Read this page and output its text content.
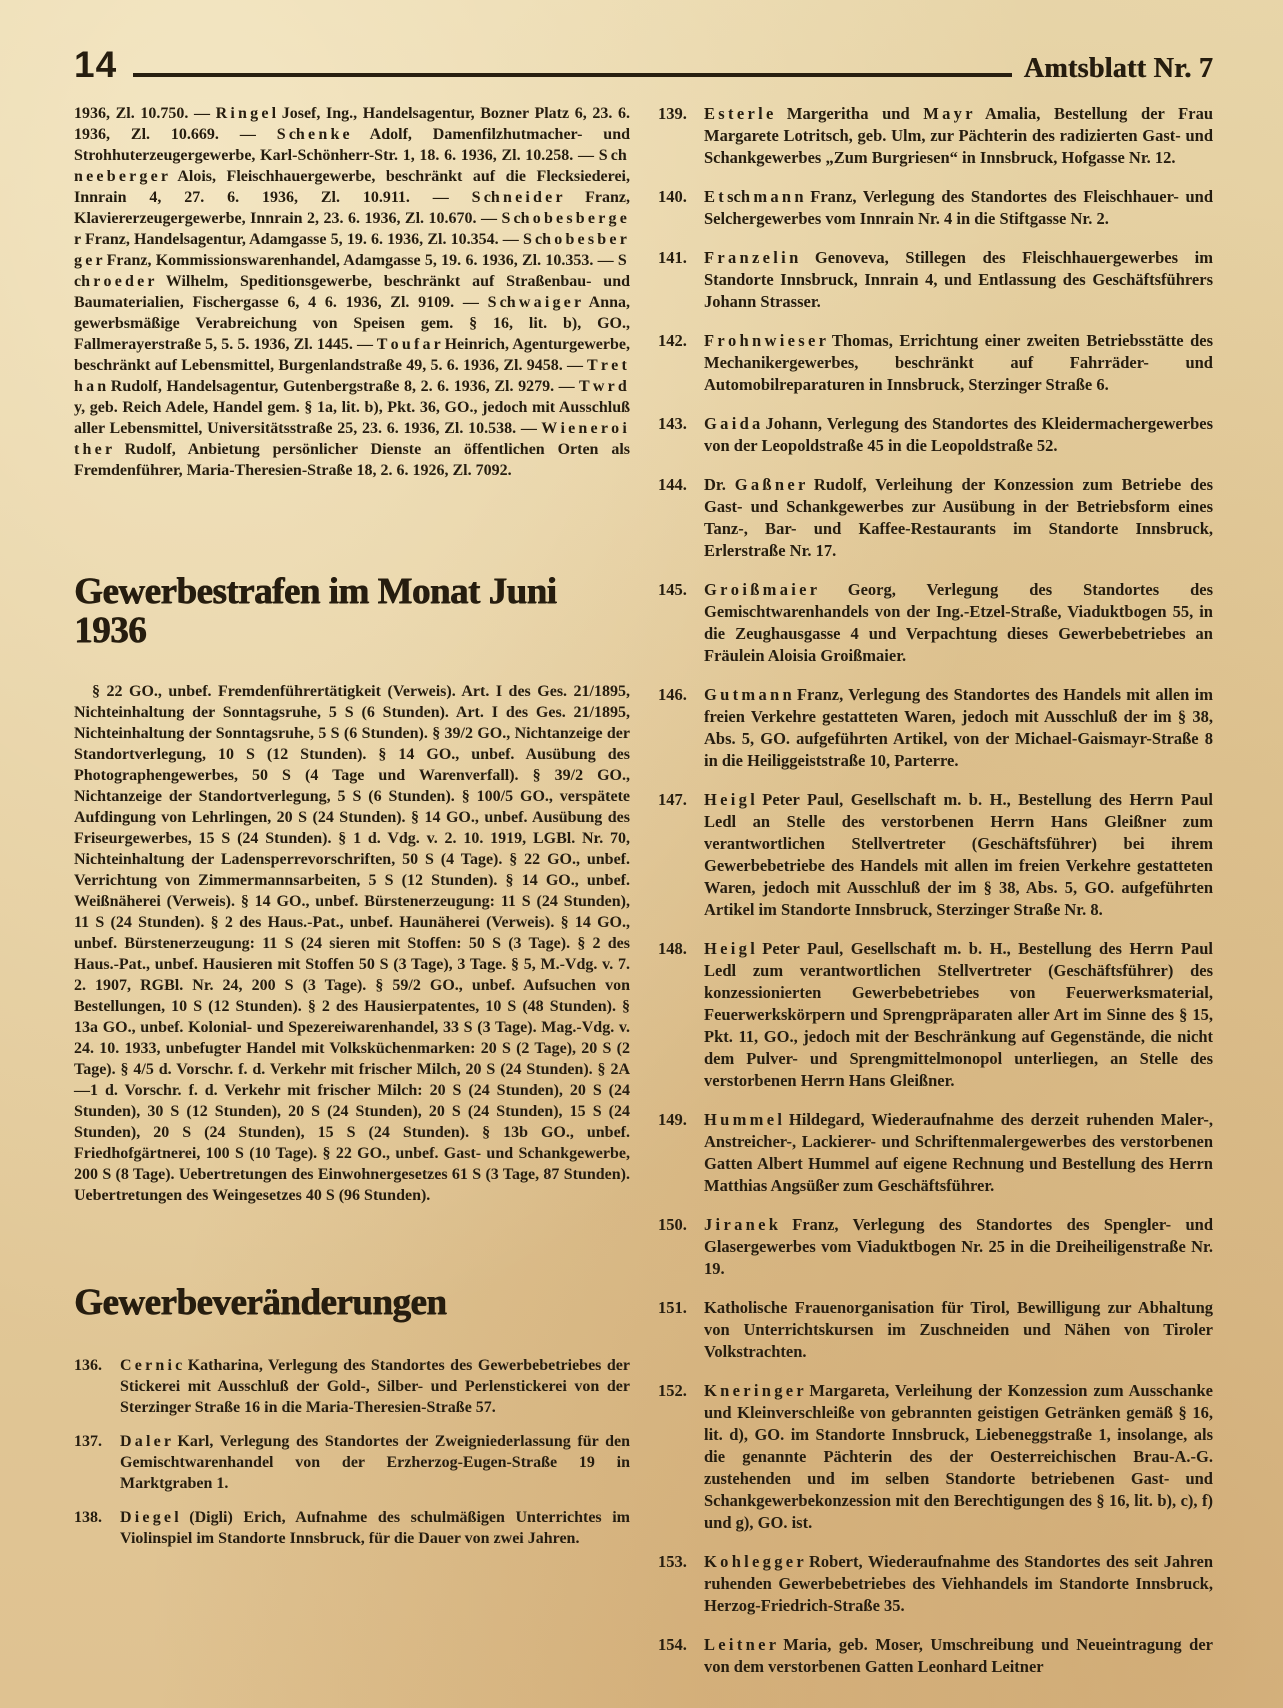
14	Amtsblatt Nr. 7

1936, Zl. 10.750. — R i n g e l Josef, Ing., Handelsagentur, Bozner Platz 6, 23. 6. 1936, Zl. 10.669. — S ch e n k e Adolf, Damenfilzhutmacher- und Strohhuterzeugergewerbe, Karl-Schönherr-Str. 1, 18. 6. 1936, Zl. 10.258. — S ch n e e b e r g e r Alois, Fleischhauergewerbe, beschränkt auf die Flecksiederei, Innrain 4, 27. 6. 1936, Zl. 10.911. — S ch n e i d e r Franz, Klaviererzeugergewerbe, Innrain 2, 23. 6. 1936, Zl. 10.670. — S ch o b e s b e r g e r Franz, Handelsagentur, Adamgasse 5, 19. 6. 1936, Zl. 10.354. — S ch o b e s b e r g e r Franz, Kommissionswarenhandel, Adamgasse 5, 19. 6. 1936, Zl. 10.353. — S ch r o e d e r Wilhelm, Speditionsgewerbe, beschränkt auf Straßenbau- und Baumaterialien, Fischergasse 6, 4 6. 1936, Zl. 9109. — S ch w a i g e r Anna, gewerbsmäßige Verabreichung von Speisen gem. § 16, lit. b), GO., Fallmerayerstraße 5, 5. 5. 1936, Zl. 1445. — T o u f a r Heinrich, Agenturgewerbe, beschränkt auf Lebensmittel, Burgenlandstraße 49, 5. 6. 1936, Zl. 9458. — T r e t h a n Rudolf, Handelsagentur, Gutenbergstraße 8, 2. 6. 1936, Zl. 9279. — T w r d y, geb. Reich Adele, Handel gem. § 1a, lit. b), Pkt. 36, GO., jedoch mit Ausschluß aller Lebensmittel, Universitätsstraße 25, 23. 6. 1936, Zl. 10.538. — W i e n e r o i t h e r Rudolf, Anbietung persönlicher Dienste an öffentlichen Orten als Fremdenführer, Maria-Theresien-Straße 18, 2. 6. 1926, Zl. 7092.

Gewerbestrafen im Monat Juni 1936

§ 22 GO., unbef. Fremdenführertätigkeit (Verweis). Art. I des Ges. 21/1895, Nichteinhaltung der Sonntagsruhe, 5 S (6 Stunden). Art. I des Ges. 21/1895, Nichteinhaltung der Sonntagsruhe, 5 S (6 Stunden). § 39/2 GO., Nichtanzeige der Standortverlegung, 10 S (12 Stunden). § 14 GO., unbef. Ausübung des Photographengewerbes, 50 S (4 Tage und Warenverfall). § 39/2 GO., Nichtanzeige der Standortverlegung, 5 S (6 Stunden). § 100/5 GO., verspätete Aufdingung von Lehrlingen, 20 S (24 Stunden). § 14 GO., unbef. Ausübung des Friseurgewerbes, 15 S (24 Stunden). § 1 d. Vdg. v. 2. 10. 1919, LGBl. Nr. 70, Nichteinhaltung der Ladensperrevorschriften, 50 S (4 Tage). § 22 GO., unbef. Verrichtung von Zimmermannsarbeiten, 5 S (12 Stunden). § 14 GO., unbef. Weißnäherei (Verweis). § 14 GO., unbef. Bürstenerzeugung: 11 S (24 Stunden), 11 S (24 Stunden). § 2 des Haus.-Pat., unbef. Haunäherei (Verweis). § 14 GO., unbef. Bürstenerzeugung: 11 S (24 sieren mit Stoffen: 50 S (3 Tage). § 2 des Haus.-Pat., unbef. Hausieren mit Stoffen 50 S (3 Tage), 3 Tage. § 5, M.-Vdg. v. 7. 2. 1907, RGBl. Nr. 24, 200 S (3 Tage). § 59/2 GO., unbef. Aufsuchen von Bestellungen, 10 S (12 Stunden). § 2 des Hausierpatentes, 10 S (48 Stunden). § 13a GO., unbef. Kolonial- und Spezereiwarenhandel, 33 S (3 Tage). Mag.-Vdg. v. 24. 10. 1933, unbefugter Handel mit Volksküchenmarken: 20 S (2 Tage), 20 S (2 Tage). § 4/5 d. Vorschr. f. d. Verkehr mit frischer Milch, 20 S (24 Stunden). § 2A—1 d. Vorschr. f. d. Verkehr mit frischer Milch: 20 S (24 Stunden), 20 S (24 Stunden), 30 S (12 Stunden), 20 S (24 Stunden), 20 S (24 Stunden), 15 S (24 Stunden), 20 S (24 Stunden), 15 S (24 Stunden). § 13b GO., unbef. Friedhofgärtnerei, 100 S (10 Tage). § 22 GO., unbef. Gast- und Schankgewerbe, 200 S (8 Tage). Uebertretungen des Einwohnergesetzes 61 S (3 Tage, 87 Stunden). Uebertretungen des Weingesetzes 40 S (96 Stunden).

Gewerbeveränderungen
136.	C e r n i c Katharina, Verlegung des Standortes des Gewerbebetriebes der Stickerei mit Ausschluß der Gold-, Silber- und Perlenstickerei von der Sterzinger Straße 16 in die Maria-Theresien-Straße 57.
137.	D a l e r Karl, Verlegung des Standortes der Zweigniederlassung für den Gemischtwarenhandel von der Erzherzog-Eugen-Straße 19 in Marktgraben 1.
138.	D i e g e l (Digli) Erich, Aufnahme des schulmäßigen Unterrichtes im Violinspiel im Standorte Innsbruck, für die Dauer von zwei Jahren.
139.	E s t e r l e Margeritha und M a y r Amalia, Bestellung der Frau Margarete Lotritsch, geb. Ulm, zur Pächterin des radizierten Gast- und Schankgewerbes „Zum Burgriesen“ in Innsbruck, Hofgasse Nr. 12.
140.	E t sch m a n n Franz, Verlegung des Standortes des Fleischhauer- und Selchergewerbes vom Innrain Nr. 4 in die Stiftgasse Nr. 2.
141.	F r a n z e l i n Genoveva, Stillegen des Fleischhauergewerbes im Standorte Innsbruck, Innrain 4, und Entlassung des Geschäftsführers Johann Strasser.
142.	F r o h n w i e s e r Thomas, Errichtung einer zweiten Betriebsstätte des Mechanikergewerbes, beschränkt auf Fahrräder- und Automobilreparaturen in Innsbruck, Sterzinger Straße 6.
143.	G a i d a Johann, Verlegung des Standortes des Kleidermachergewerbes von der Leopoldstraße 45 in die Leopoldstraße 52.
144.	Dr. G a ß n e r Rudolf, Verleihung der Konzession zum Betriebe des Gast- und Schankgewerbes zur Ausübung in der Betriebsform eines Tanz-, Bar- und Kaffee-Restaurants im Standorte Innsbruck, Erlerstraße Nr. 17.
145.	G r o i ß m a i e r Georg, Verlegung des Standortes des Gemischtwarenhandels von der Ing.-Etzel-Straße, Viaduktbogen 55, in die Zeughausgasse 4 und Verpachtung dieses Gewerbebetriebes an Fräulein Aloisia Groißmaier.
146.	G u t m a n n Franz, Verlegung des Standortes des Handels mit allen im freien Verkehre gestatteten Waren, jedoch mit Ausschluß der im § 38, Abs. 5, GO. aufgeführten Artikel, von der Michael-Gaismayr-Straße 8 in die Heiliggeiststraße 10, Parterre.
147.	H e i g l Peter Paul, Gesellschaft m. b. H., Bestellung des Herrn Paul Ledl an Stelle des verstorbenen Herrn Hans Gleißner zum verantwortlichen Stellvertreter (Geschäftsführer) bei ihrem Gewerbebetriebe des Handels mit allen im freien Verkehre gestatteten Waren, jedoch mit Ausschluß der im § 38, Abs. 5, GO. aufgeführten Artikel im Standorte Innsbruck, Sterzinger Straße Nr. 8.
148.	H e i g l Peter Paul, Gesellschaft m. b. H., Bestellung des Herrn Paul Ledl zum verantwortlichen Stellvertreter (Geschäftsführer) des konzessionierten Gewerbebetriebes von Feuerwerksmaterial, Feuerwerkskörpern und Sprengpräparaten aller Art im Sinne des § 15, Pkt. 11, GO., jedoch mit der Beschränkung auf Gegenstände, die nicht dem Pulver- und Sprengmittelmonopol unterliegen, an Stelle des verstorbenen Herrn Hans Gleißner.
149.	H u m m e l Hildegard, Wiederaufnahme des derzeit ruhenden Maler-, Anstreicher-, Lackierer- und Schriftenmalergewerbes des verstorbenen Gatten Albert Hummel auf eigene Rechnung und Bestellung des Herrn Matthias Angsüßer zum Geschäftsführer.
150.	J i r a n e k Franz, Verlegung des Standortes des Spengler- und Glasergewerbes vom Viaduktbogen Nr. 25 in die Dreiheiligenstraße Nr. 19.
151.	Katholische Frauenorganisation für Tirol, Bewilligung zur Abhaltung von Unterrichtskursen im Zuschneiden und Nähen von Tiroler Volkstrachten.
152.	K n e r i n g e r Margareta, Verleihung der Konzession zum Ausschanke und Kleinverschleiße von gebrannten geistigen Getränken gemäß § 16, lit. d), GO. im Standorte Innsbruck, Liebeneggstraße 1, insolange, als die genannte Pächterin des der Oesterreichischen Brau-A.-G. zustehenden und im selben Standorte betriebenen Gast- und Schankgewerbekonzession mit den Berechtigungen des § 16, lit. b), c), f) und g), GO. ist.
153.	K o h l e g g e r Robert, Wiederaufnahme des Standortes des seit Jahren ruhenden Gewerbebetriebes des Viehhandels im Standorte Innsbruck, Herzog-Friedrich-Straße 35.
154.	L e i t n e r Maria, geb. Moser, Umschreibung und Neueintragung der von dem verstorbenen Gatten Leonhard Leitner
